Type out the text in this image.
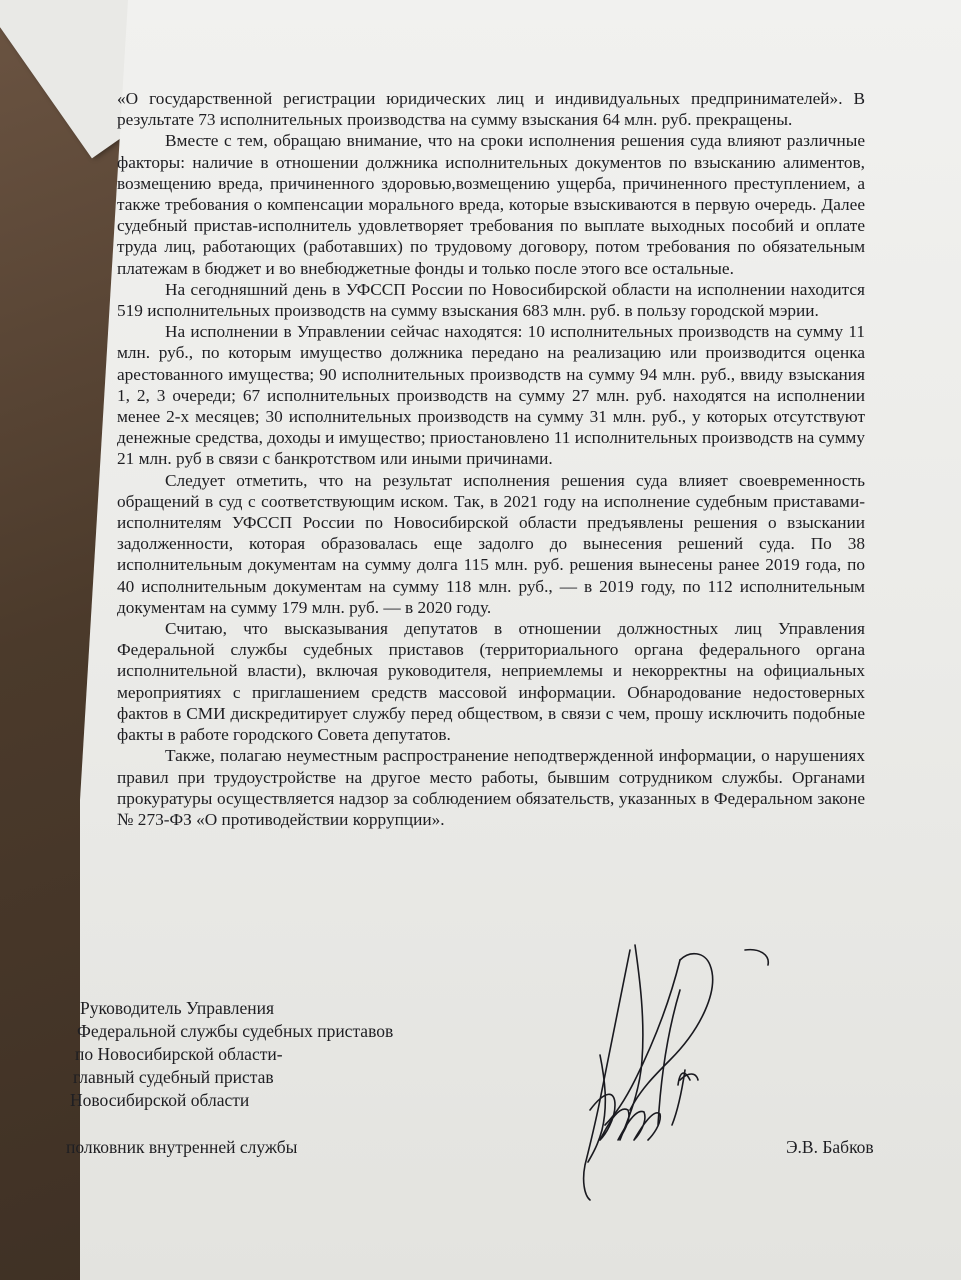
«О государственной регистрации юридических лиц и индивидуальных предпринимателей». В результате 73 исполнительных производства на сумму взыскания 64 млн. руб. прекращены.

Вместе с тем, обращаю внимание, что на сроки исполнения решения суда влияют различные факторы: наличие в отношении должника исполнительных документов по взысканию алиментов, возмещению вреда, причиненного здоровью,возмещению ущерба, причиненного преступлением, а также требования о компенсации морального вреда, которые взыскиваются в первую очередь. Далее судебный пристав-исполнитель удовлетворяет требования по выплате выходных пособий и оплате труда лиц, работающих (работавших) по трудовому договору, потом требования по обязательным платежам в бюджет и во внебюджетные фонды и только после этого все остальные.

На сегодняшний день в УФССП России по Новосибирской области на исполнении находится 519 исполнительных производств на сумму взыскания 683 млн. руб. в пользу городской мэрии.

На исполнении в Управлении сейчас находятся: 10 исполнительных производств на сумму 11 млн. руб., по которым имущество должника передано на реализацию или производится оценка арестованного имущества; 90 исполнительных производств на сумму 94 млн. руб., ввиду взыскания 1, 2, 3 очереди; 67 исполнительных производств на сумму 27 млн. руб. находятся на исполнении менее 2-х месяцев; 30 исполнительных производств на сумму 31 млн. руб., у которых отсутствуют денежные средства, доходы и имущество; приостановлено 11 исполнительных производств на сумму 21 млн. руб в связи с банкротством или иными причинами.

Следует отметить, что на результат исполнения решения суда влияет своевременность обращений в суд с соответствующим иском. Так, в 2021 году на исполнение судебным приставами-исполнителям УФССП России по Новосибирской области предъявлены решения о взыскании задолженности, которая образовалась еще задолго до вынесения решений суда. По 38 исполнительным документам на сумму долга 115 млн. руб. решения вынесены ранее 2019 года, по 40 исполнительным документам на сумму 118 млн. руб., — в 2019 году, по 112 исполнительным документам на сумму 179 млн. руб. — в 2020 году.

Считаю, что высказывания депутатов в отношении должностных лиц Управления Федеральной службы судебных приставов (территориального органа федерального органа исполнительной власти), включая руководителя, неприемлемы и некорректны на официальных мероприятиях с приглашением средств массовой информации. Обнародование недостоверных фактов в СМИ дискредитирует службу перед обществом, в связи с чем, прошу исключить подобные факты в работе городского Совета депутатов.

Также, полагаю неуместным распространение неподтвержденной информации, о нарушениях правил при трудоустройстве на другое место работы, бывшим сотрудником службы. Органами прокуратуры осуществляется надзор за соблюдением обязательств, указанных в Федеральном законе № 273-ФЗ «О противодействии коррупции».

Руководитель Управления
Федеральной службы судебных приставов
по Новосибирской области-
главный судебный пристав
Новосибирской области
полковник внутренней службы	Э.В. Бабков
